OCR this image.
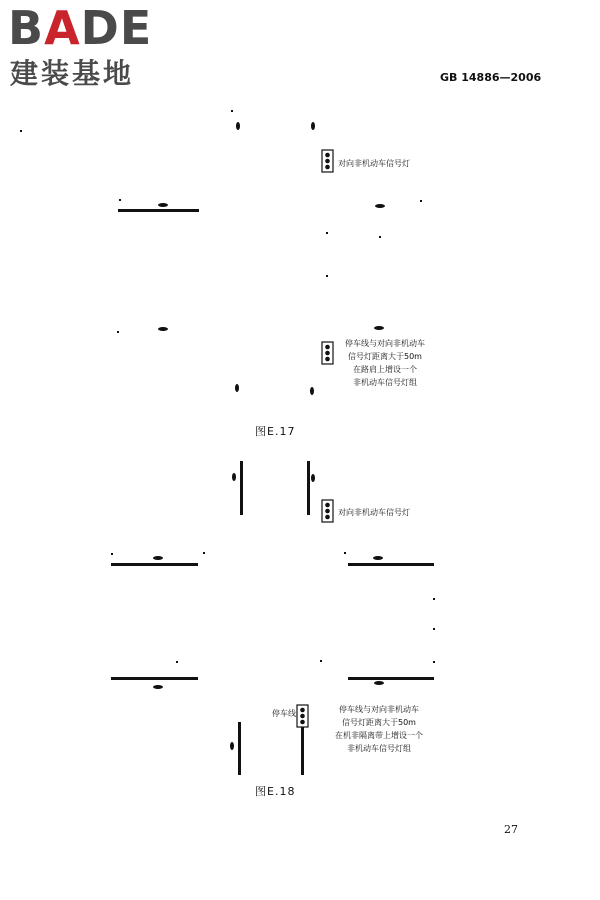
BADE
建装基地	GB 14886—2006
对向非机动车信号灯
停车线与对向非机动车
信号灯距离大于50m
在路肩上增设一个
非机动车信号灯组
图E.17
对向非机动车信号灯
停车线	停车线与对向非机动车
信号灯距离大于50m
在机非隔离带上增设一个
非机动车信号灯组
图E.18
27
